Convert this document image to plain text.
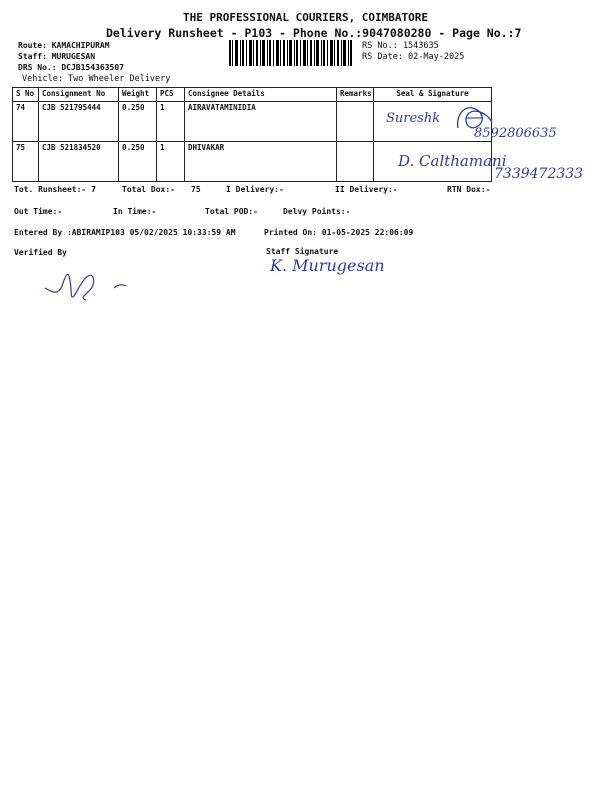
THE PROFESSIONAL COURIERS, COIMBATORE
Delivery Runsheet - P103 - Phone No.:9047080280 - Page No.:7
Route: KAMACHIPURAM
Staff: MURUGESAN
DRS No.: DCJB154363507
Vehicle: Two Wheeler Delivery
RS No.: 1543635
RS Date: 02-May-2025
S No	Consignment No	Weight	PCS	Consignee Details	Remarks	Seal & Signature
74	CJB 521795444	0.250	1	AIRAVATAMINIDIA		
75	CJB 521834520	0.250	1	DHIVAKAR		
Sureshk
8592806635
D. Calthamani
7339472333
Tot. Runsheet:- 7	Total Dox:- 75	I Delivery:-	II Delivery:-	RTN Dox:-
Out Time:-	In Time:-	Total POD:-	Delvy Points:-
Entered By :ABIRAMIP103 05/02/2025 10:33:59 AM	Printed On: 01-05-2025 22:06:09
Verified By	Staff Signature
K. Murugesan
